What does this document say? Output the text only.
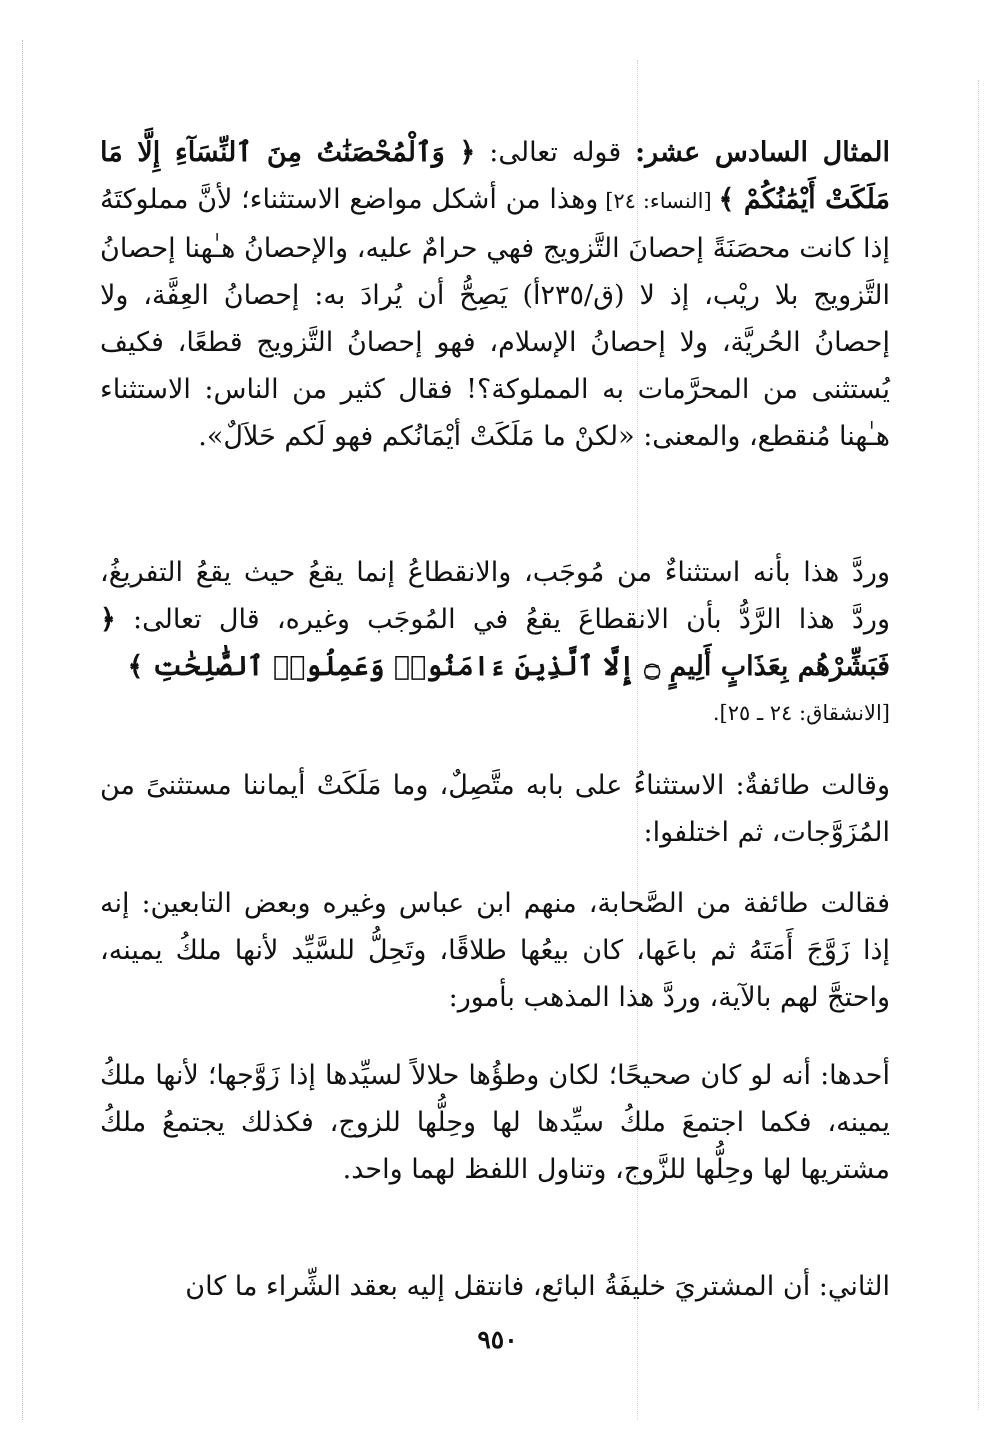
المثال السادس عشر: قوله تعالى: ﴿ وَٱلْمُحْصَنَٰتُ مِنَ ٱلنِّسَآءِ إِلَّا مَا مَلَكَتْ أَيْمَٰنُكُمْ ﴾ [النساء: ٢٤] وهذا من أشكل مواضع الاستثناء؛ لأنَّ مملوكتَهُ إذا كانت محصَنَةً إحصانَ التَّزويج فهي حرامٌ عليه، والإحصانُ هـٰهنا إحصانُ التَّزويج بلا ريْب، إذ لا (ق/٢٣٥أ) يَصِحُّ أن يُرادَ به: إحصانُ العِفَّة، ولا إحصانُ الحُريَّة، ولا إحصانُ الإسلام، فهو إحصانُ التَّزويج قطعًا، فكيف يُستثنى من المحرَّمات به المملوكة؟! فقال كثير من الناس: الاستثناء هـٰهنا مُنقطع، والمعنى: «لكنْ ما مَلَكَتْ أيْمَانُكم فهو لَكم حَلاَلٌ».

وردَّ هذا بأنه استثناءٌ من مُوجَب، والانقطاعُ إنما يقعُ حيث يقعُ التفريغُ، وردَّ هذا الرَّدُّ بأن الانقطاعَ يقعُ في المُوجَب وغيره، قال تعالى: ﴿ فَبَشِّرْهُم بِعَذَابٍ أَلِيمٍ ۝ إِلَّا ٱلَّذِينَ ءَامَنُوا۟ وَعَمِلُوا۟ ٱلصَّٰلِحَٰتِ ﴾
[الانشقاق: ٢٤ ـ ٢٥].

وقالت طائفةٌ: الاستثناءُ على بابه متَّصِلٌ، وما مَلَكَتْ أيماننا مستثنىً من المُزَوَّجات، ثم اختلفوا:

فقالت طائفة من الصَّحابة، منهم ابن عباس وغيره وبعض التابعين: إنه إذا زَوَّجَ أَمَتَهُ ثم باعَها، كان بيعُها طلاقًا، وتَحِلُّ للسَّيِّد لأنها ملكُ يمينه، واحتجَّ لهم بالآية، وردَّ هذا المذهب بأمور:

أحدها: أنه لو كان صحيحًا؛ لكان وطؤُها حلالاً لسيِّدها إذا زَوَّجها؛ لأنها ملكُ يمينه، فكما اجتمعَ ملكُ سيِّدها لها وحِلُّها للزوج، فكذلك يجتمعُ ملكُ مشتريها لها وحِلُّها للزَّوج، وتناول اللفظ لهما واحد.

الثاني: أن المشتريَ خليفَةُ البائع، فانتقل إليه بعقد الشِّراء ما كان

٩٥٠
